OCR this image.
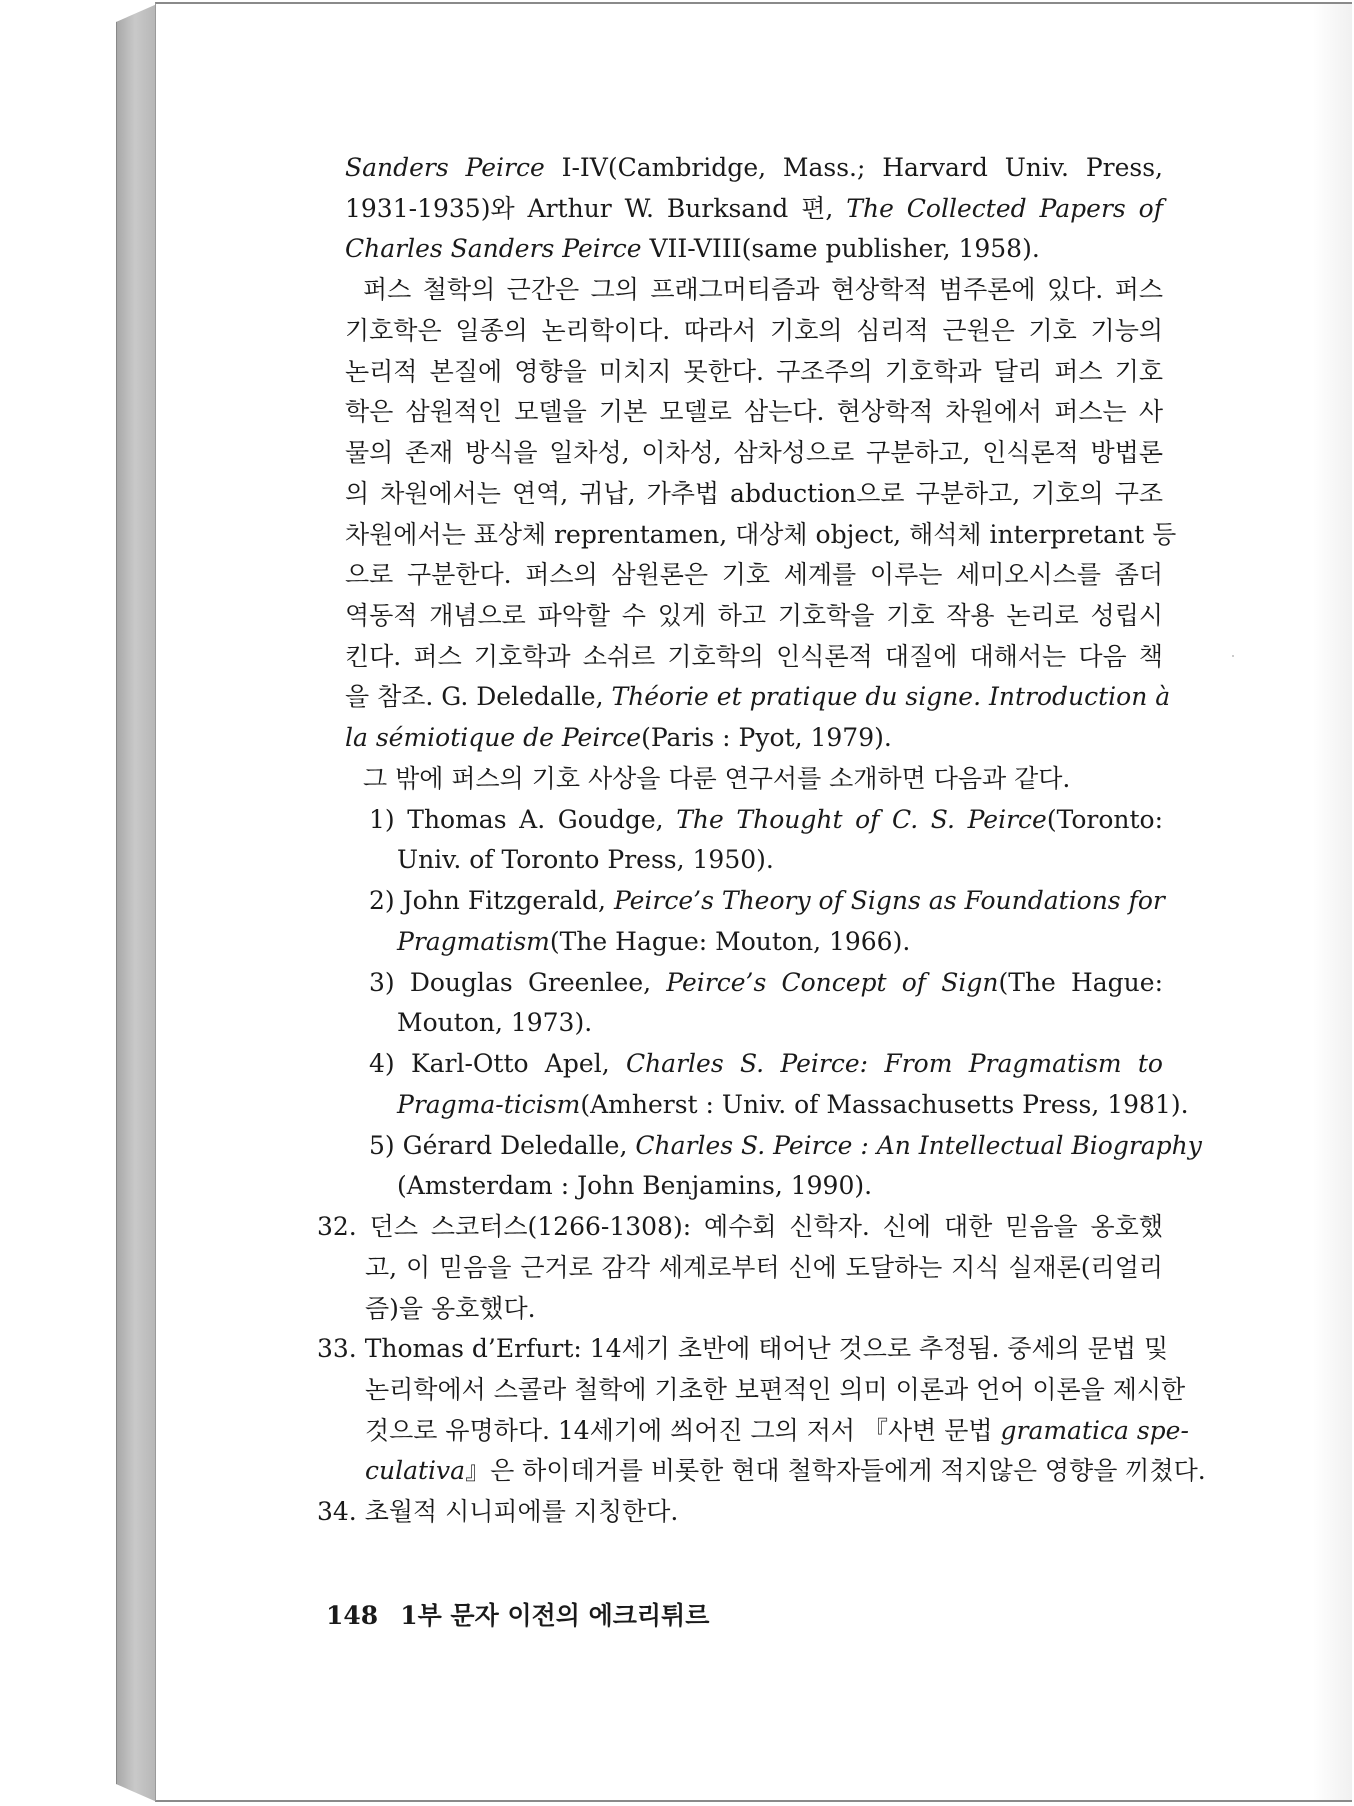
Sanders Peirce I-IV(Cambridge, Mass.; Harvard Univ. Press,
1931-1935)와 Arthur W. Burksand 편, The Collected Papers of
Charles Sanders Peirce VII-VIII(same publisher, 1958).
퍼스 철학의 근간은 그의 프래그머티즘과 현상학적 범주론에 있다. 퍼스
기호학은 일종의 논리학이다. 따라서 기호의 심리적 근원은 기호 기능의
논리적 본질에 영향을 미치지 못한다. 구조주의 기호학과 달리 퍼스 기호
학은 삼원적인 모델을 기본 모델로 삼는다. 현상학적 차원에서 퍼스는 사
물의 존재 방식을 일차성, 이차성, 삼차성으로 구분하고, 인식론적 방법론
의 차원에서는 연역, 귀납, 가추법 abduction으로 구분하고, 기호의 구조
차원에서는 표상체 reprentamen, 대상체 object, 해석체 interpretant 등
으로 구분한다. 퍼스의 삼원론은 기호 세계를 이루는 세미오시스를 좀더
역동적 개념으로 파악할 수 있게 하고 기호학을 기호 작용 논리로 성립시
킨다. 퍼스 기호학과 소쉬르 기호학의 인식론적 대질에 대해서는 다음 책
을 참조. G. Deledalle, Théorie et pratique du signe. Introduction à
la sémiotique de Peirce(Paris : Pyot, 1979).
그 밖에 퍼스의 기호 사상을 다룬 연구서를 소개하면 다음과 같다.
1) Thomas A. Goudge, The Thought of C. S. Peirce(Toronto:
Univ. of Toronto Press, 1950).
2) John Fitzgerald, Peirce’s Theory of Signs as Foundations for
Pragmatism(The Hague: Mouton, 1966).
3) Douglas Greenlee, Peirce’s Concept of Sign(The Hague:
Mouton, 1973).
4) Karl-Otto Apel, Charles S. Peirce: From Pragmatism to
Pragma-ticism(Amherst : Univ. of Massachusetts Press, 1981).
5) Gérard Deledalle, Charles S. Peirce : An Intellectual Biography
(Amsterdam : John Benjamins, 1990).
32. 던스 스코터스(1266-1308): 예수회 신학자. 신에 대한 믿음을 옹호했
고, 이 믿음을 근거로 감각 세계로부터 신에 도달하는 지식 실재론(리얼리
즘)을 옹호했다.
33. Thomas d’Erfurt: 14세기 초반에 태어난 것으로 추정됨. 중세의 문법 및
논리학에서 스콜라 철학에 기초한 보편적인 의미 이론과 언어 이론을 제시한
것으로 유명하다. 14세기에 씌어진 그의 저서 『사변 문법 gramatica spe-
culativa』은 하이데거를 비롯한 현대 철학자들에게 적지않은 영향을 끼쳤다.
34. 초월적 시니피에를 지칭한다.
148 1부 문자 이전의 에크리튀르
